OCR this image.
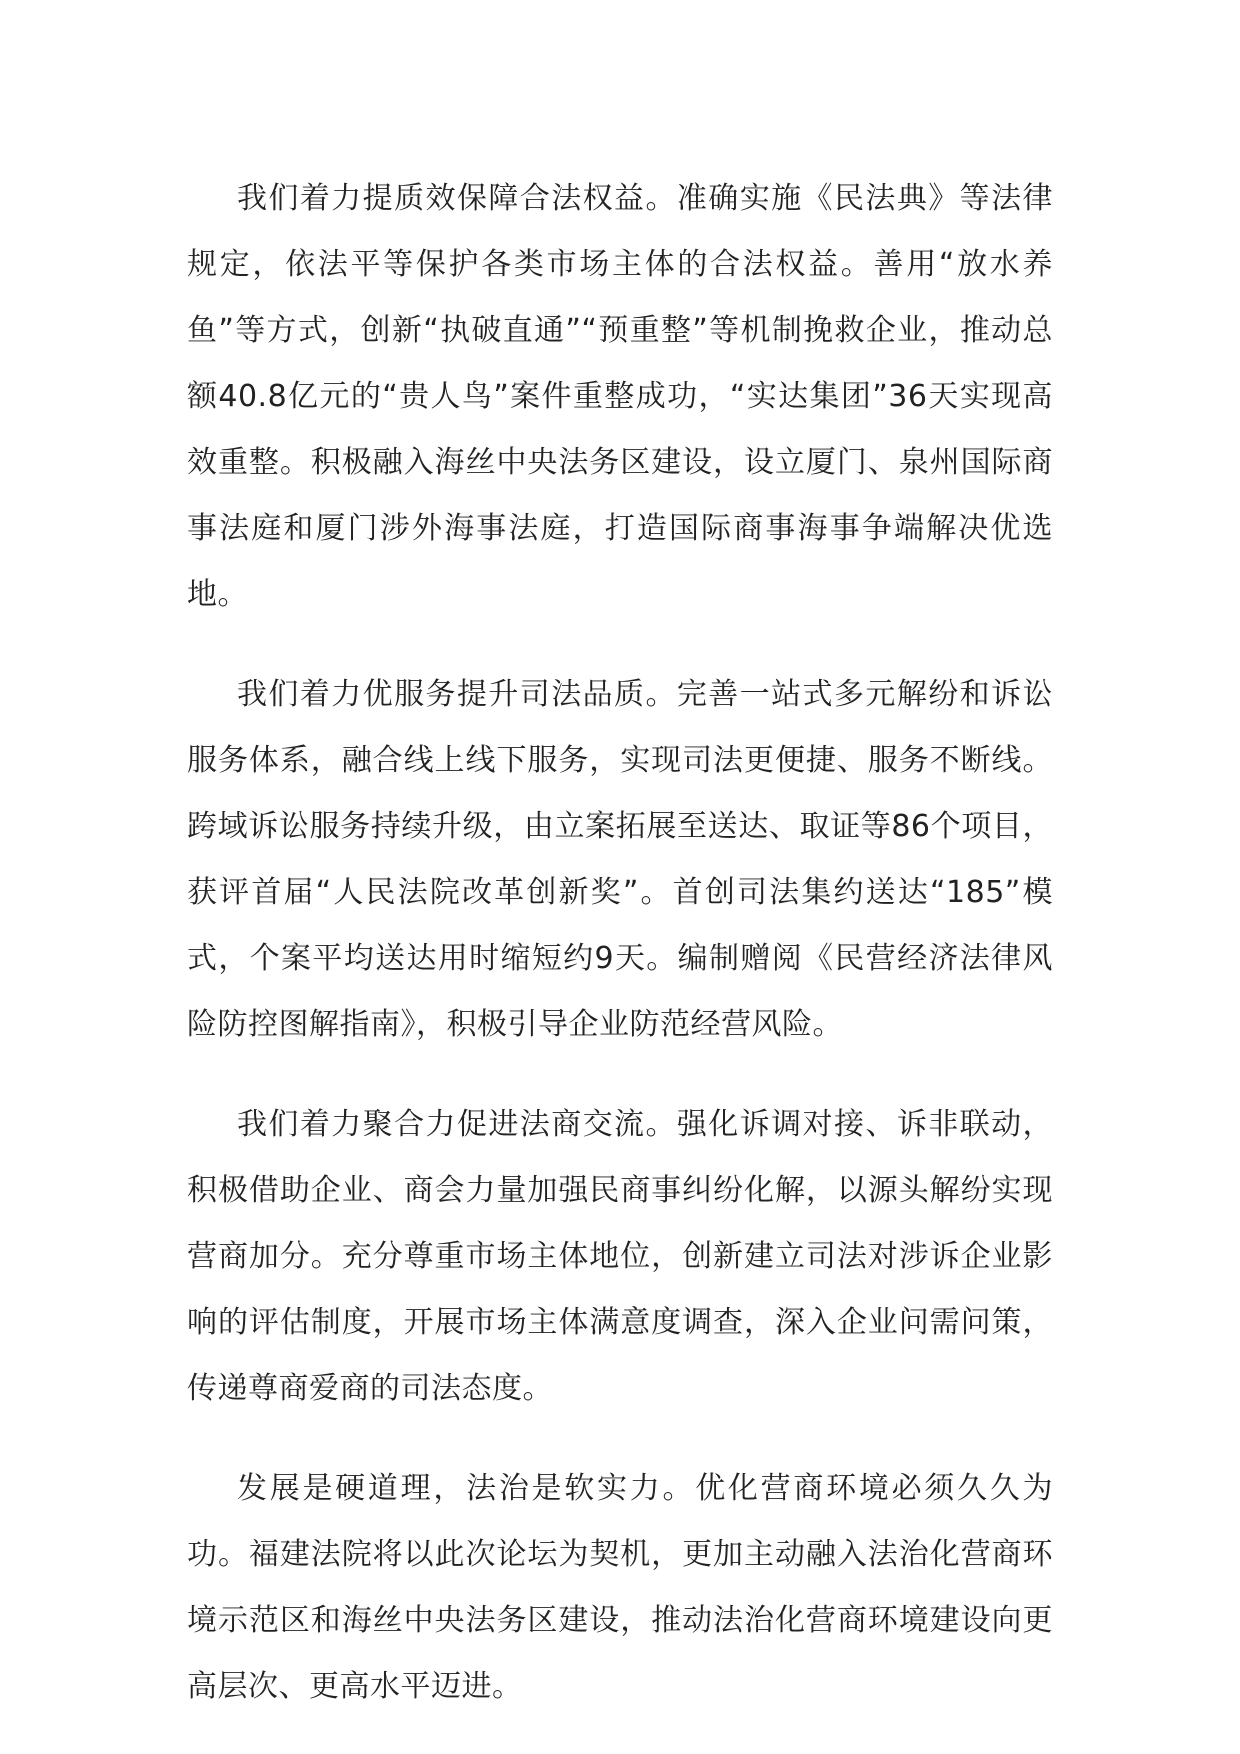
我们着力提质效保障合法权益。准确实施《民法典》等法律规定，依法平等保护各类市场主体的合法权益。善用“放水养鱼”等方式，创新“执破直通”“预重整”等机制挽救企业，推动总额40.8亿元的“贵人鸟”案件重整成功，“实达集团”36天实现高效重整。积极融入海丝中央法务区建设，设立厦门、泉州国际商事法庭和厦门涉外海事法庭，打造国际商事海事争端解决优选地。

我们着力优服务提升司法品质。完善一站式多元解纷和诉讼服务体系，融合线上线下服务，实现司法更便捷、服务不断线。跨域诉讼服务持续升级，由立案拓展至送达、取证等86个项目，获评首届“人民法院改革创新奖”。首创司法集约送达“185”模式，个案平均送达用时缩短约9天。编制赠阅《民营经济法律风险防控图解指南》，积极引导企业防范经营风险。

我们着力聚合力促进法商交流。强化诉调对接、诉非联动，积极借助企业、商会力量加强民商事纠纷化解，以源头解纷实现营商加分。充分尊重市场主体地位，创新建立司法对涉诉企业影响的评估制度，开展市场主体满意度调查，深入企业问需问策，传递尊商爱商的司法态度。

发展是硬道理，法治是软实力。优化营商环境必须久久为功。福建法院将以此次论坛为契机，更加主动融入法治化营商环境示范区和海丝中央法务区建设，推动法治化营商环境建设向更高层次、更高水平迈进。
